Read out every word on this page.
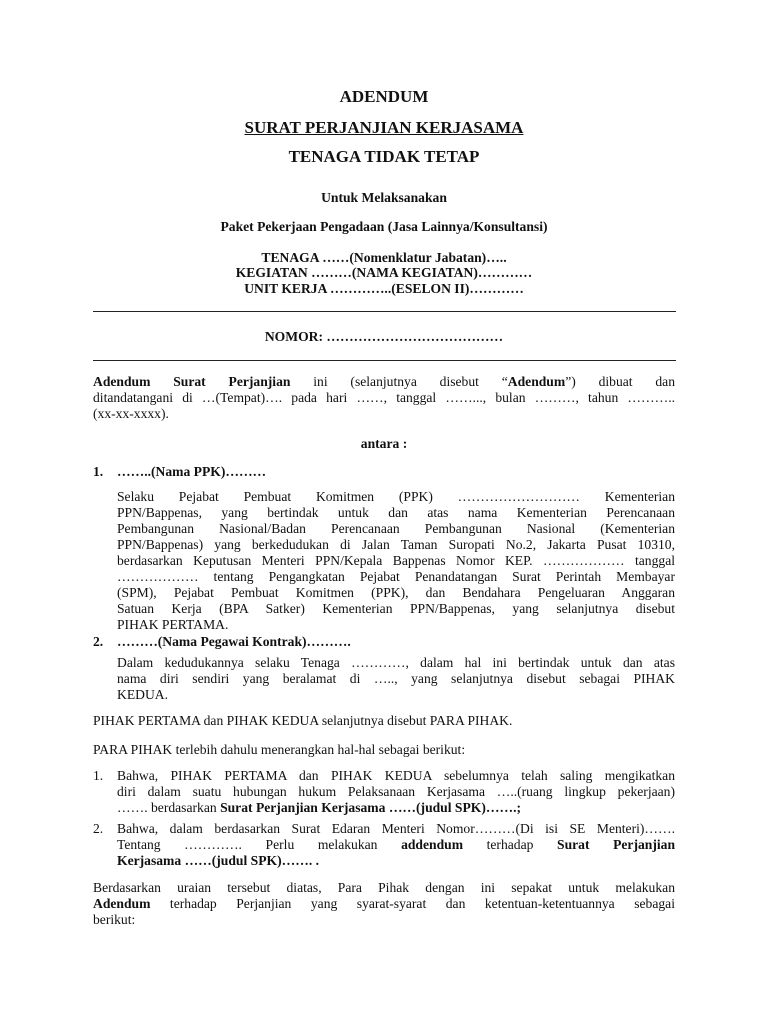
ADENDUM
SURAT PERJANJIAN KERJASAMA
TENAGA TIDAK TETAP
Untuk Melaksanakan
Paket Pekerjaan Pengadaan (Jasa Lainnya/Konsultansi)
TENAGA ……(Nomenklatur Jabatan)…..
KEGIATAN ………(NAMA KEGIATAN)…………
UNIT KERJA …………..(ESELON II)…………
NOMOR: …………………………………
Adendum Surat Perjanjian ini (selanjutnya disebut “Adendum”) dibuat dan
ditandatangani di …(Tempat)…. pada hari ……, tanggal ……..., bulan ………, tahun ………..
(xx-xx-xxxx).
antara :
1.	……..(Nama PPK)………
Selaku Pejabat Pembuat Komitmen (PPK) ……………………… Kementerian
PPN/Bappenas, yang bertindak untuk dan atas nama Kementerian Perencanaan
Pembangunan Nasional/Badan Perencanaan Pembangunan Nasional (Kementerian
PPN/Bappenas) yang berkedudukan di Jalan Taman Suropati No.2, Jakarta Pusat 10310,
berdasarkan Keputusan Menteri PPN/Kepala Bappenas Nomor KEP. ……………… tanggal
……………… tentang Pengangkatan Pejabat Penandatangan Surat Perintah Membayar
(SPM), Pejabat Pembuat Komitmen (PPK), dan Bendahara Pengeluaran Anggaran
Satuan Kerja (BPA Satker) Kementerian PPN/Bappenas, yang selanjutnya disebut
PIHAK PERTAMA.
2.	………(Nama Pegawai Kontrak)……….
Dalam kedudukannya selaku Tenaga …………, dalam hal ini bertindak untuk dan atas
nama diri sendiri yang beralamat di ….., yang selanjutnya disebut sebagai PIHAK
KEDUA.
PIHAK PERTAMA dan PIHAK KEDUA selanjutnya disebut PARA PIHAK.
PARA PIHAK terlebih dahulu menerangkan hal-hal sebagai berikut:
1.	Bahwa, PIHAK PERTAMA dan PIHAK KEDUA sebelumnya telah saling mengikatkan
diri dalam suatu hubungan hukum Pelaksanaan Kerjasama …..(ruang lingkup pekerjaan)
……. berdasarkan Surat Perjanjian Kerjasama ……(judul SPK)…….;
2.	Bahwa, dalam berdasarkan Surat Edaran Menteri Nomor………(Di isi SE Menteri)…….
Tentang …………. Perlu melakukan addendum terhadap Surat Perjanjian
Kerjasama ……(judul SPK)……. .
Berdasarkan uraian tersebut diatas, Para Pihak dengan ini sepakat untuk melakukan
Adendum terhadap Perjanjian yang syarat-syarat dan ketentuan-ketentuannya sebagai
berikut:
